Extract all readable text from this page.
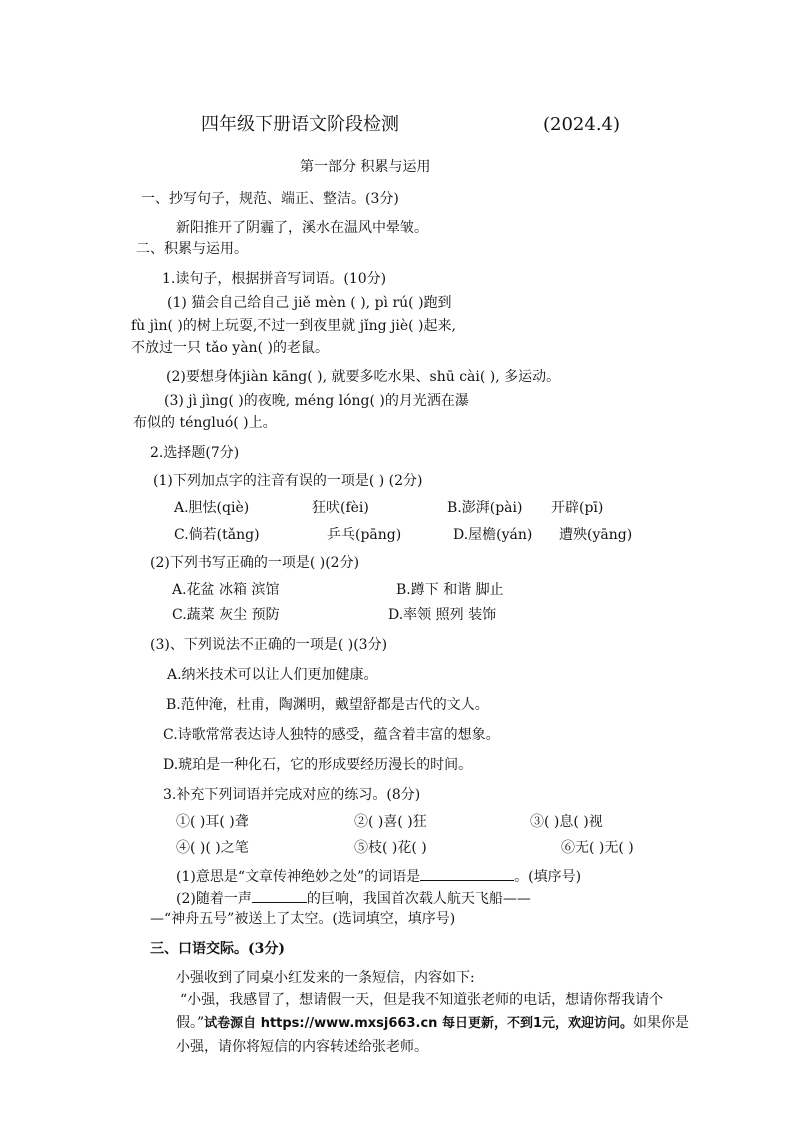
四年级下册语文阶段检测	(2024.4)
第一部分 积累与运用
一、抄写句子，规范、端正、整洁。(3分)
新阳推开了阴霾了，溪水在温风中晕皱。
二、积累与运用。
1.读句子，根据拼音写词语。(10分)
(1) 猫会自己给自己 jiě mèn ( ), pì rú( )跑到
fù jìn( )的树上玩耍,不过一到夜里就 jǐng jiè( )起来,
不放过一只 tǎo yàn( )的老鼠。
(2)要想身体jiàn kāng( ), 就要多吃水果、shū cài( ), 多运动。
(3) jì jìng( )的夜晚, méng lóng( )的月光洒在瀑
布似的 ténɡluó( )上。
2.选择题(7分)
(1)下列加点字的注音有误的一项是( ) (2分)
A.胆怯(qiè)	狂吠(fèi)	B.澎湃(pài) 开辟(pī)
C.倘若(tǎng)	乒乓(pāng)	D.屋檐(yán) 遭殃(yāng)
(2)下列书写正确的一项是( )(2分)
A.花盆 冰箱 滨馆	B.蹲下 和谐 脚止
C.蔬菜 灰尘 预防	D.率领 照列 装饰
(3)、下列说法不正确的一项是( )(3分)
A.纳米技术可以让人们更加健康。
B.范仲淹，杜甫，陶渊明，戴望舒都是古代的文人。
C.诗歌常常表达诗人独特的感受，蕴含着丰富的想象。
D.琥珀是一种化石，它的形成要经历漫长的时间。
3.补充下列词语并完成对应的练习。(8分)
①( )耳( )聋	②( )喜( )狂	③( )息( )视
④( )( )之笔	⑤枝( )花( )	⑥无( )无( )
(1)意思是“文章传神绝妙之处”的词语是	。(填序号)
(2)随着一声	的巨响，我国首次载人航天飞船——
—“神舟五号”被送上了太空。(选词填空，填序号)
三、口语交际。(3分)
小强收到了同桌小红发来的一条短信，内容如下:
“小强，我感冒了，想请假一天，但是我不知道张老师的电话，想请你帮我请个
假。”试卷源自 https://www.mxsj663.cn 每日更新，不到1元，欢迎访问。如果你是
小强，请你将短信的内容转述给张老师。
